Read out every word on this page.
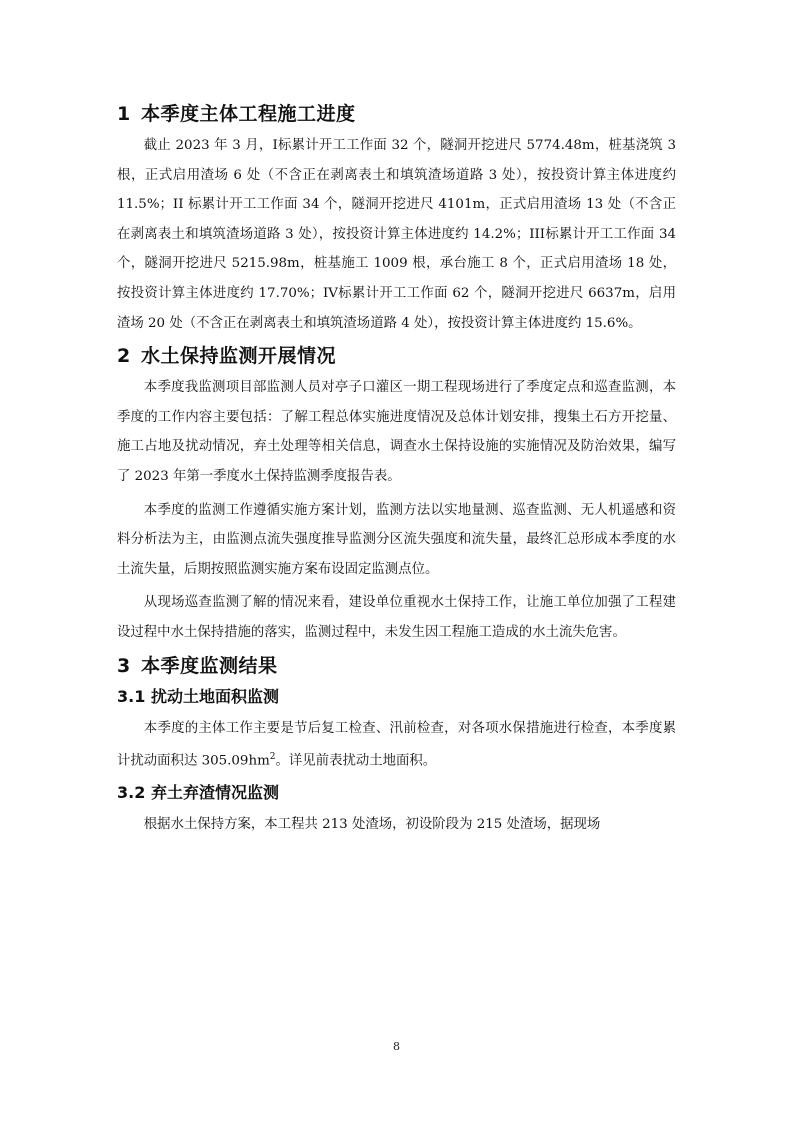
1 本季度主体工程施工进度

截止 2023 年 3 月，I标累计开工工作面 32 个，隧洞开挖进尺 5774.48m，桩基浇筑 3 根，正式启用渣场 6 处（不含正在剥离表土和填筑渣场道路 3 处），按投资计算主体进度约 11.5%；II 标累计开工工作面 34 个，隧洞开挖进尺 4101m，正式启用渣场 13 处（不含正在剥离表土和填筑渣场道路 3 处），按投资计算主体进度约 14.2%；III标累计开工工作面 34 个，隧洞开挖进尺 5215.98m，桩基施工 1009 根，承台施工 8 个，正式启用渣场 18 处，按投资计算主体进度约 17.70%；IV标累计开工工作面 62 个，隧洞开挖进尺 6637m，启用渣场 20 处（不含正在剥离表土和填筑渣场道路 4 处），按投资计算主体进度约 15.6%。

2 水土保持监测开展情况

本季度我监测项目部监测人员对亭子口灌区一期工程现场进行了季度定点和巡查监测，本季度的工作内容主要包括：了解工程总体实施进度情况及总体计划安排，搜集土石方开挖量、施工占地及扰动情况，弃土处理等相关信息，调查水土保持设施的实施情况及防治效果，编写了 2023 年第一季度水土保持监测季度报告表。

本季度的监测工作遵循实施方案计划，监测方法以实地量测、巡查监测、无人机遥感和资料分析法为主，由监测点流失强度推导监测分区流失强度和流失量，最终汇总形成本季度的水土流失量，后期按照监测实施方案布设固定监测点位。

从现场巡查监测了解的情况来看，建设单位重视水土保持工作，让施工单位加强了工程建设过程中水土保持措施的落实，监测过程中，未发生因工程施工造成的水土流失危害。

3 本季度监测结果
3.1 扰动土地面积监测

本季度的主体工作主要是节后复工检查、汛前检查，对各项水保措施进行检查，本季度累计扰动面积达 $305.09hm^2$。详见前表扰动土地面积。

3.2 弃土弃渣情况监测

根据水土保持方案，本工程共 213 处渣场，初设阶段为 215 处渣场，据现场

8
